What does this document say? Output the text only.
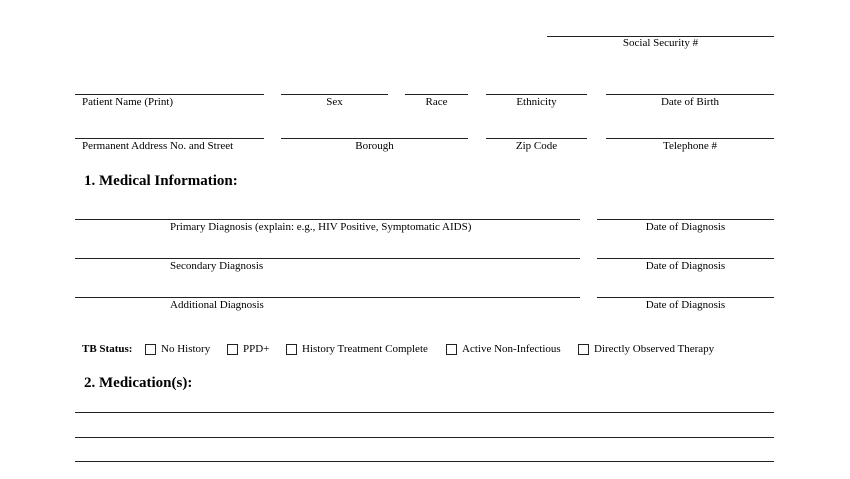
Social Security #
Patient Name (Print)	Sex	Race	Ethnicity	Date of Birth
Permanent Address No. and Street	Borough	Zip Code	Telephone #
1. Medical Information:
Primary Diagnosis (explain: e.g., HIV Positive, Symptomatic AIDS)	Date of Diagnosis
Secondary Diagnosis	Date of Diagnosis
Additional Diagnosis	Date of Diagnosis
TB Status:	No History	PPD+	History Treatment Complete	Active Non-Infectious	Directly Observed Therapy
2. Medication(s):
